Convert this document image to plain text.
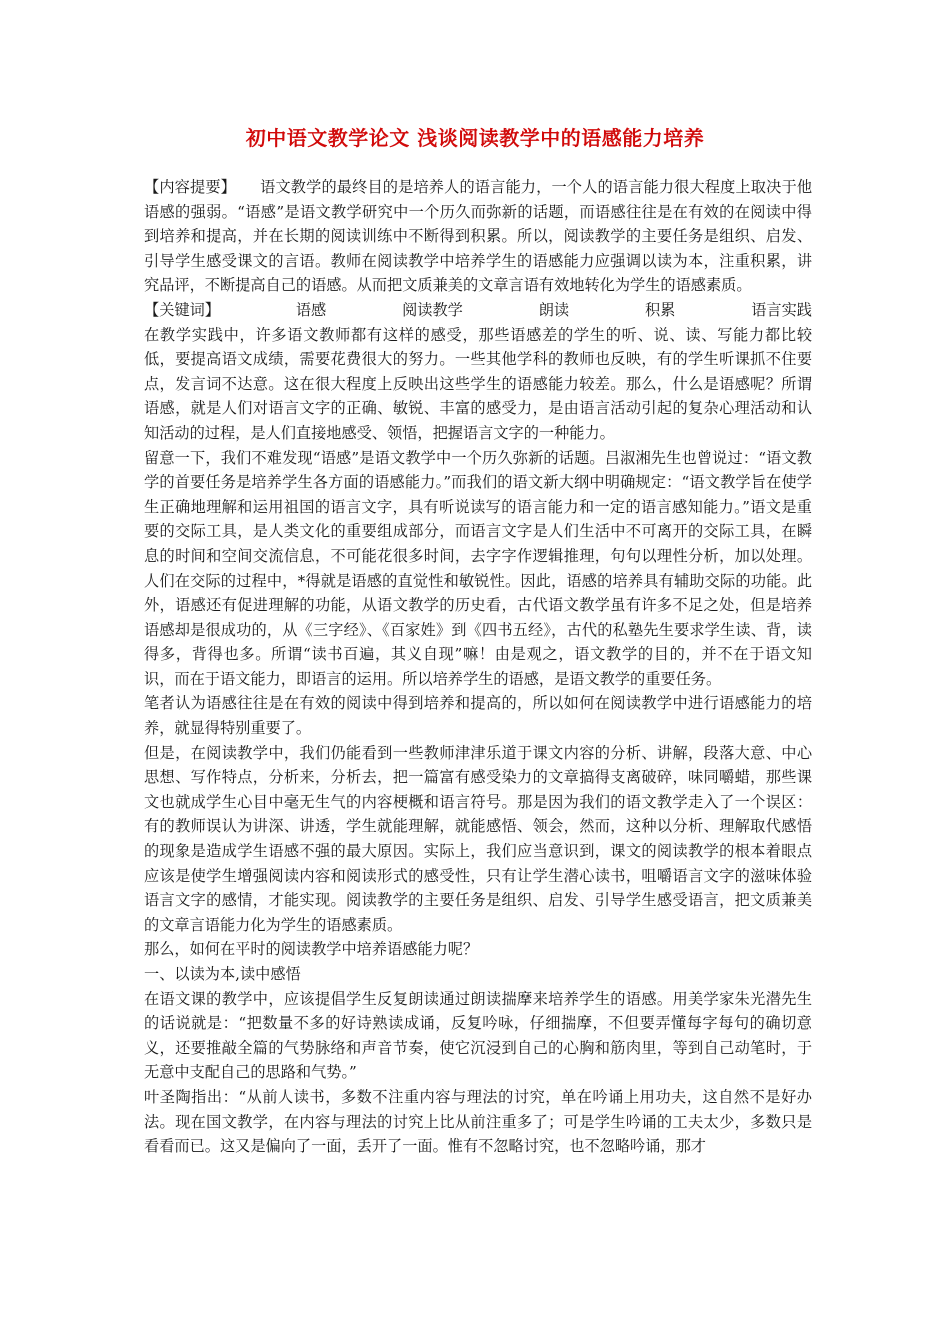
初中语文教学论文 浅谈阅读教学中的语感能力培养

【内容提要】 语文教学的最终目的是培养人的语言能力，一个人的语言能力很大程度上取决于他语感的强弱。“语感”是语文教学研究中一个历久而弥新的话题，而语感往往是在有效的在阅读中得到培养和提高，并在长期的阅读训练中不断得到积累。所以，阅读教学的主要任务是组织、启发、引导学生感受课文的言语。教师在阅读教学中培养学生的语感能力应强调以读为本，注重积累，讲究品评，不断提高自己的语感。从而把文质兼美的文章言语有效地转化为学生的语感素质。

【关键词】	语感	阅读教学	朗读	积累	语言实践

在教学实践中，许多语文教师都有这样的感受，那些语感差的学生的听、说、读、写能力都比较低，要提高语文成绩，需要花费很大的努力。一些其他学科的教师也反映，有的学生听课抓不住要点，发言词不达意。这在很大程度上反映出这些学生的语感能力较差。那么，什么是语感呢？所谓语感，就是人们对语言文字的正确、敏锐、丰富的感受力，是由语言活动引起的复杂心理活动和认知活动的过程，是人们直接地感受、领悟，把握语言文字的一种能力。

留意一下，我们不难发现“语感”是语文教学中一个历久弥新的话题。吕淑湘先生也曾说过：“语文教学的首要任务是培养学生各方面的语感能力。”而我们的语文新大纲中明确规定：“语文教学旨在使学生正确地理解和运用祖国的语言文字，具有听说读写的语言能力和一定的语言感知能力。”语文是重要的交际工具，是人类文化的重要组成部分，而语言文字是人们生活中不可离开的交际工具，在瞬息的时间和空间交流信息，不可能花很多时间，去字字作逻辑推理，句句以理性分析，加以处理。人们在交际的过程中，*得就是语感的直觉性和敏锐性。因此，语感的培养具有辅助交际的功能。此外，语感还有促进理解的功能，从语文教学的历史看，古代语文教学虽有许多不足之处，但是培养语感却是很成功的，从《三字经》、《百家姓》到《四书五经》，古代的私塾先生要求学生读、背，读得多，背得也多。所谓“读书百遍，其义自现”嘛！由是观之，语文教学的目的，并不在于语文知识，而在于语文能力，即语言的运用。所以培养学生的语感，是语文教学的重要任务。

笔者认为语感往往是在有效的阅读中得到培养和提高的，所以如何在阅读教学中进行语感能力的培养，就显得特别重要了。

但是，在阅读教学中，我们仍能看到一些教师津津乐道于课文内容的分析、讲解，段落大意、中心思想、写作特点，分析来，分析去，把一篇富有感受染力的文章搞得支离破碎，味同嚼蜡，那些课文也就成学生心目中毫无生气的内容梗概和语言符号。那是因为我们的语文教学走入了一个误区：有的教师误认为讲深、讲透，学生就能理解，就能感悟、领会，然而，这种以分析、理解取代感悟的现象是造成学生语感不强的最大原因。实际上，我们应当意识到，课文的阅读教学的根本着眼点应该是使学生增强阅读内容和阅读形式的感受性，只有让学生潜心读书，咀嚼语言文字的滋味体验语言文字的感情，才能实现。阅读教学的主要任务是组织、启发、引导学生感受语言，把文质兼美的文章言语能力化为学生的语感素质。

那么，如何在平时的阅读教学中培养语感能力呢？

一、以读为本,读中感悟

在语文课的教学中，应该提倡学生反复朗读通过朗读揣摩来培养学生的语感。用美学家朱光潜先生的话说就是：“把数量不多的好诗熟读成诵，反复吟咏，仔细揣摩，不但要弄懂每字每句的确切意义，还要推敲全篇的气势脉络和声音节奏，使它沉浸到自己的心胸和筋肉里，等到自己动笔时，于无意中支配自己的思路和气势。”

叶圣陶指出：“从前人读书，多数不注重内容与理法的讨究，单在吟诵上用功夫，这自然不是好办法。现在国文教学，在内容与理法的讨究上比从前注重多了；可是学生吟诵的工夫太少，多数只是看看而已。这又是偏向了一面，丢开了一面。惟有不忽略讨究，也不忽略吟诵，那才
